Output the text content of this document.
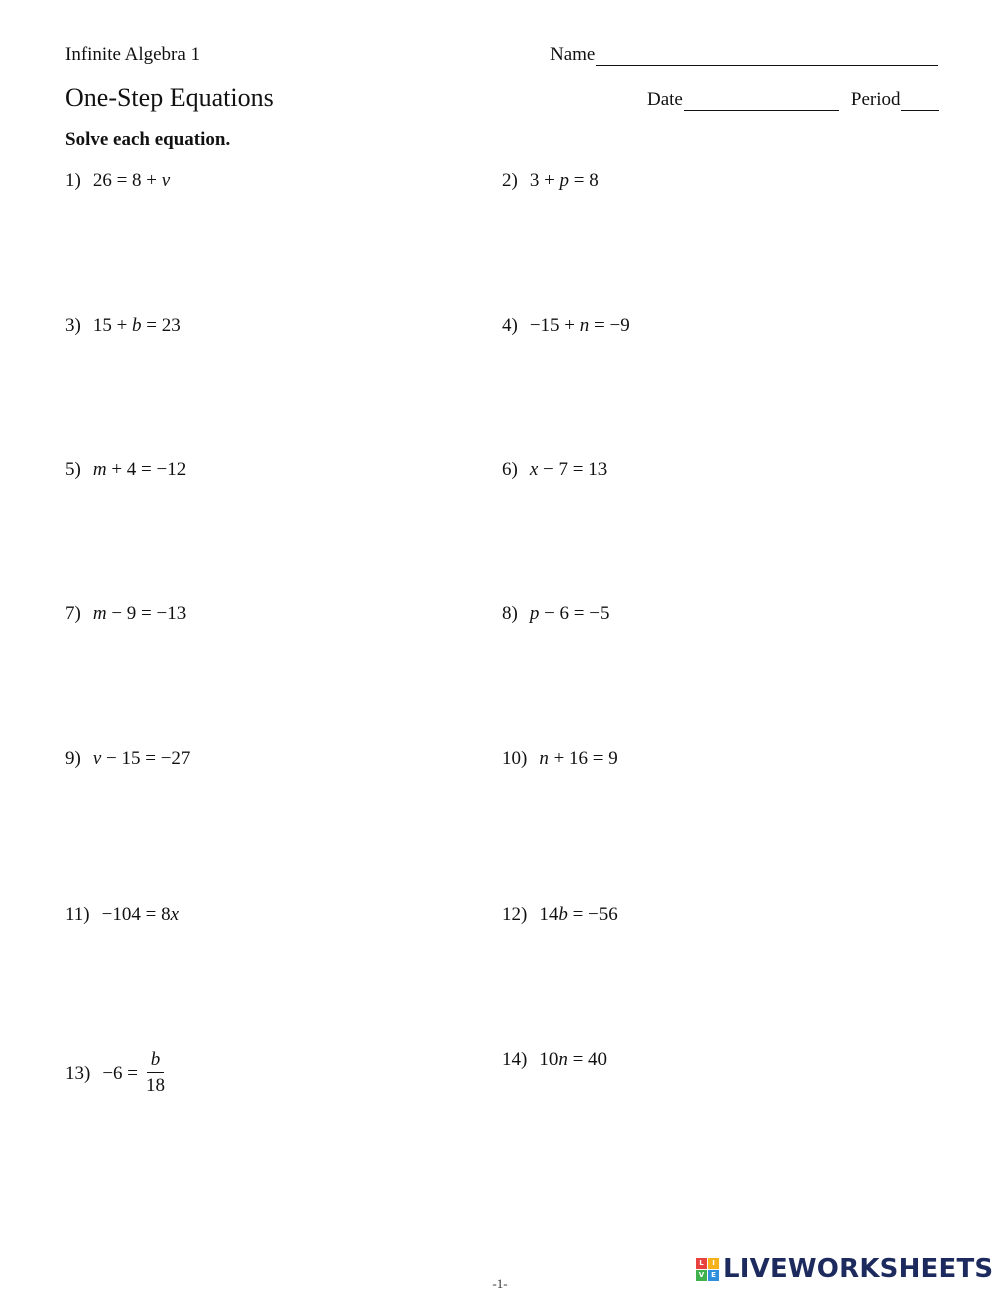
Infinite Algebra 1
One-Step Equations
Name
Date	Period
Solve each equation.
1) 26 = 8 + v	2) 3 + p = 8
3) 15 + b = 23	4) −15 + n = −9
5) m + 4 = −12	6) x − 7 = 13
7) m − 9 = −13	8) p − 6 = −5
9) v − 15 = −27	10) n + 16 = 9
11) −104 = 8x	12) 14b = −56
$13) -6 = \frac{b}{18}$	14) 10n = 40
L	I
V E LIVEWORKSHEETS
-1-
